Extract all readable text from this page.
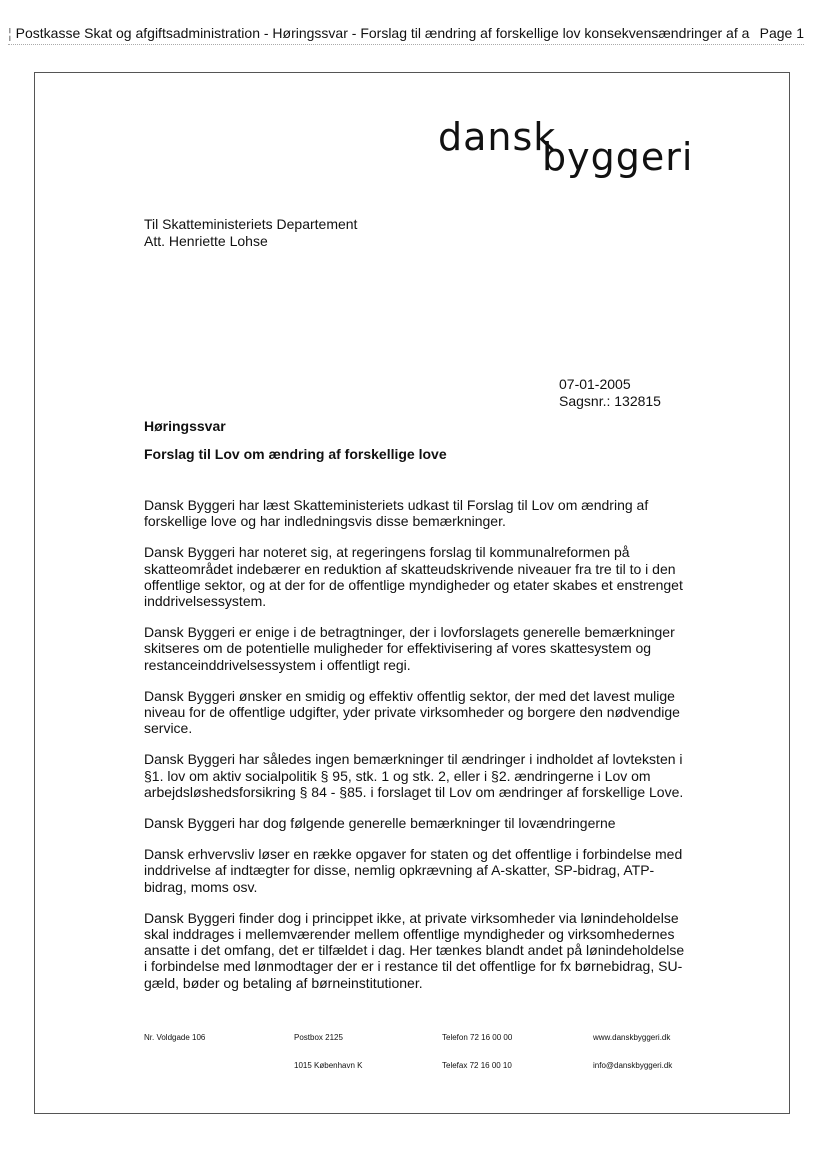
¦ Postkasse Skat og afgiftsadministration - Høringssvar - Forslag til ændring af forskellige lov konsekvensændringer af a Page 1
dansk
byggeri
Til Skatteministeriets Departement
Att. Henriette Lohse
07-01-2005
Sagsnr.: 132815
Høringssvar
Forslag til Lov om ændring af forskellige love

Dansk Byggeri har læst Skatteministeriets udkast til Forslag til Lov om ændring af forskellige love og har indledningsvis disse bemærkninger.

Dansk Byggeri har noteret sig, at regeringens forslag til kommunalreformen på skatteområdet indebærer en reduktion af skatteudskrivende niveauer fra tre til to i den offentlige sektor, og at der for de offentlige myndigheder og etater skabes et enstrenget inddrivelsessystem.

Dansk Byggeri er enige i de betragtninger, der i lovforslagets generelle bemærkninger skitseres om de potentielle muligheder for effektivisering af vores skattesystem og restanceinddrivelsessystem i offentligt regi.

Dansk Byggeri ønsker en smidig og effektiv offentlig sektor, der med det lavest mulige niveau for de offentlige udgifter, yder private virksomheder og borgere den nødvendige service.

Dansk Byggeri har således ingen bemærkninger til ændringer i indholdet af lovteksten i §1. lov om aktiv socialpolitik § 95, stk. 1 og stk. 2, eller i §2. ændringerne i Lov om arbejdsløshedsforsikring § 84 - §85. i forslaget til Lov om ændringer af forskellige Love.

Dansk Byggeri har dog følgende generelle bemærkninger til lovændringerne

Dansk erhvervsliv løser en række opgaver for staten og det offentlige i forbindelse med inddrivelse af indtægter for disse, nemlig opkrævning af A-skatter, SP-bidrag, ATP-bidrag, moms osv.

Dansk Byggeri finder dog i princippet ikke, at private virksomheder via lønindeholdelse skal inddrages i mellemværender mellem offentlige myndigheder og virksomhedernes ansatte i det omfang, det er tilfældet i dag. Her tænkes blandt andet på lønindeholdelse i forbindelse med lønmodtager der er i restance til det offentlige for fx børnebidrag, SU-gæld, bøder og betaling af børneinstitutioner.

Nr. Voldgade 106	Postbox 2125
1015 København K
Telefon 72 16 00 00
Telefax 72 16 00 10
www.danskbyggeri.dk
info@danskbyggeri.dk
